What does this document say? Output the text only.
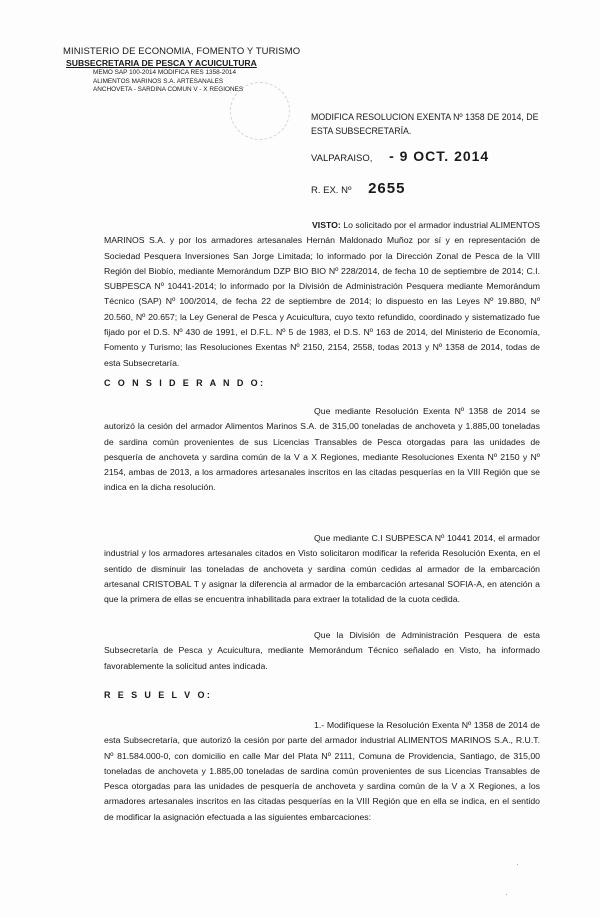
MINISTERIO DE ECONOMIA, FOMENTO Y TURISMO
SUBSECRETARIA DE PESCA Y ACUICULTURA
MEMO SAP 100-2014 MODIFICA RES 1358-2014
ALIMENTOS MARINOS S.A. ARTESANALES
ANCHOVETA - SARDINA COMUN V - X REGIONES
MODIFICA RESOLUCION EXENTA Nº 1358 DE 2014, DE ESTA SUBSECRETARÍA.
VALPARAISO, - 9 OCT. 2014
R. EX. Nº 2655
VISTO: Lo solicitado por el armador industrial ALIMENTOS MARINOS S.A. y por los armadores artesanales Hernán Maldonado Muñoz por sí y en representación de Sociedad Pesquera Inversiones San Jorge Limitada; lo informado por la Dirección Zonal de Pesca de la VIII Región del Biobío, mediante Memorándum DZP BIO BIO Nº 228/2014, de fecha 10 de septiembre de 2014; C.I. SUBPESCA Nº 10441-2014; lo informado por la División de Administración Pesquera mediante Memorándum Técnico (SAP) Nº 100/2014, de fecha 22 de septiembre de 2014; lo dispuesto en las Leyes Nº 19.880, Nº 20.560, Nº 20.657; la Ley General de Pesca y Acuicultura, cuyo texto refundido, coordinado y sistematizado fue fijado por el D.S. Nº 430 de 1991, el D.F.L. Nº 5 de 1983, el D.S. Nº 163 de 2014, del Ministerio de Economía, Fomento y Turismo; las Resoluciones Exentas Nº 2150, 2154, 2558, todas 2013 y Nº 1358 de 2014, todas de esta Subsecretaría.
C O N S I D E R A N D O:
Que mediante Resolución Exenta Nº 1358 de 2014 se autorizó la cesión del armador Alimentos Marinos S.A. de 315,00 toneladas de anchoveta y 1.885,00 toneladas de sardina común provenientes de sus Licencias Transables de Pesca otorgadas para las unidades de pesquería de anchoveta y sardina común de la V a X Regiones, mediante Resoluciones Exenta Nº 2150 y Nº 2154, ambas de 2013, a los armadores artesanales inscritos en las citadas pesquerías en la VIII Región que se indica en la dicha resolución.
Que mediante C.I SUBPESCA Nº 10441 2014, el armador industrial y los armadores artesanales citados en Visto solicitaron modificar la referida Resolución Exenta, en el sentido de disminuir las toneladas de anchoveta y sardina común cedidas al armador de la embarcación artesanal CRISTOBAL T y asignar la diferencia al armador de la embarcación artesanal SOFIA-A, en atención a que la primera de ellas se encuentra inhabilitada para extraer la totalidad de la cuota cedida.
Que la División de Administración Pesquera de esta Subsecretaría de Pesca y Acuicultura, mediante Memorándum Técnico señalado en Visto, ha informado favorablemente la solicitud antes indicada.
R E S U E L V O:
1.- Modifíquese la Resolución Exenta Nº 1358 de 2014 de esta Subsecretaría, que autorizó la cesión por parte del armador industrial ALIMENTOS MARINOS S.A., R.U.T. Nº 81.584.000-0, con domicilio en calle Mar del Plata Nº 2111, Comuna de Providencia, Santiago, de 315,00 toneladas de anchoveta y 1.885,00 toneladas de sardina común provenientes de sus Licencias Transables de Pesca otorgadas para las unidades de pesquería de anchoveta y sardina común de la V a X Regiones, a los armadores artesanales inscritos en las citadas pesquerías en la VIII Región que en ella se indica, en el sentido de modificar la asignación efectuada a las siguientes embarcaciones:
·
·
